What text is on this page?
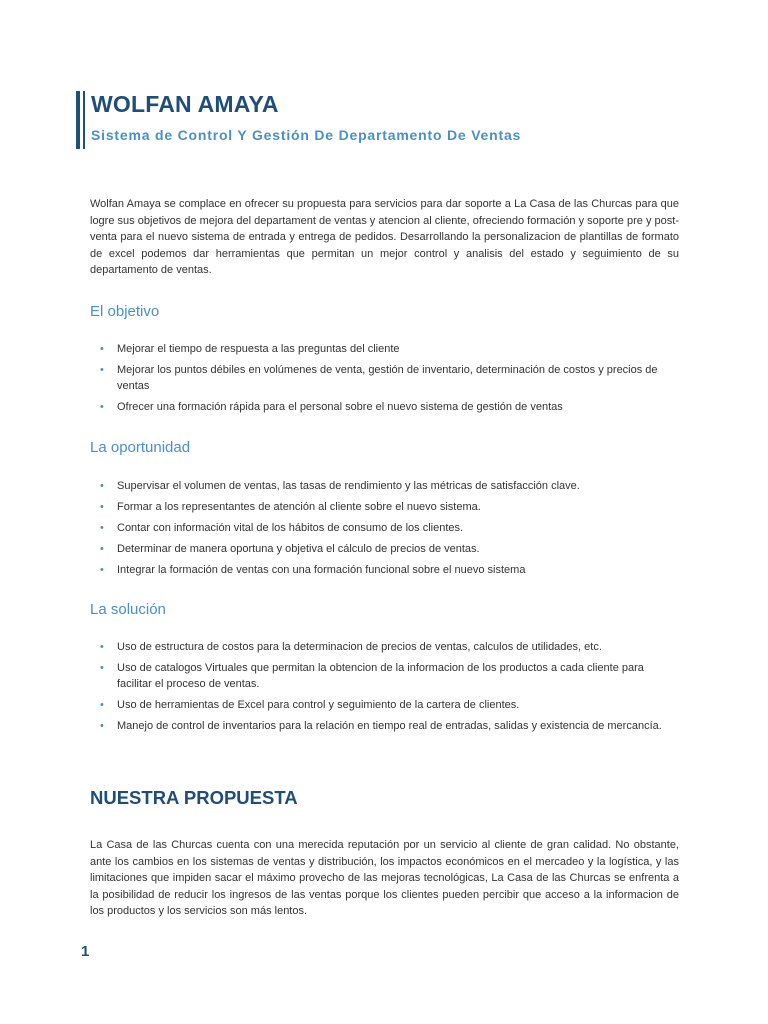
WOLFAN AMAYA
Sistema de Control Y Gestión De Departamento De Ventas

Wolfan Amaya se complace en ofrecer su propuesta para servicios para dar soporte a La Casa de las Churcas para que logre sus objetivos de mejora del departament de ventas y atencion al cliente, ofreciendo formación y soporte pre y post-venta para el nuevo sistema de entrada y entrega de pedidos. Desarrollando la personalizacion de plantillas de formato de excel podemos dar herramientas que permitan un mejor control y analisis del estado y seguimiento de su departamento de ventas.

El objetivo
• Mejorar el tiempo de respuesta a las preguntas del cliente
• Mejorar los puntos débiles en volúmenes de venta, gestión de inventario, determinación de costos y precios de ventas
• Ofrecer una formación rápida para el personal sobre el nuevo sistema de gestión de ventas
La oportunidad
• Supervisar el volumen de ventas, las tasas de rendimiento y las métricas de satisfacción clave.
• Formar a los representantes de atención al cliente sobre el nuevo sistema.
• Contar con información vital de los hábitos de consumo de los clientes.
• Determinar de manera oportuna y objetiva el cálculo de precios de ventas.
• Integrar la formación de ventas con una formación funcional sobre el nuevo sistema
La solución
• Uso de estructura de costos para la determinacion de precios de ventas, calculos de utilidades, etc.
• Uso de catalogos Virtuales que permitan la obtencion de la informacion de los productos a cada cliente para facilitar el proceso de ventas.
• Uso de herramientas de Excel para control y seguimiento de la cartera de clientes.
• Manejo de control de inventarios para la relación en tiempo real de entradas, salidas y existencia de mercancía.
NUESTRA PROPUESTA

La Casa de las Churcas cuenta con una merecida reputación por un servicio al cliente de gran calidad. No obstante, ante los cambios en los sistemas de ventas y distribución, los impactos económicos en el mercadeo y la logística, y las limitaciones que impiden sacar el máximo provecho de las mejoras tecnológicas, La Casa de las Churcas se enfrenta a la posibilidad de reducir los ingresos de las ventas porque los clientes pueden percibir que acceso a la informacion de los productos y los servicios son más lentos.

1
